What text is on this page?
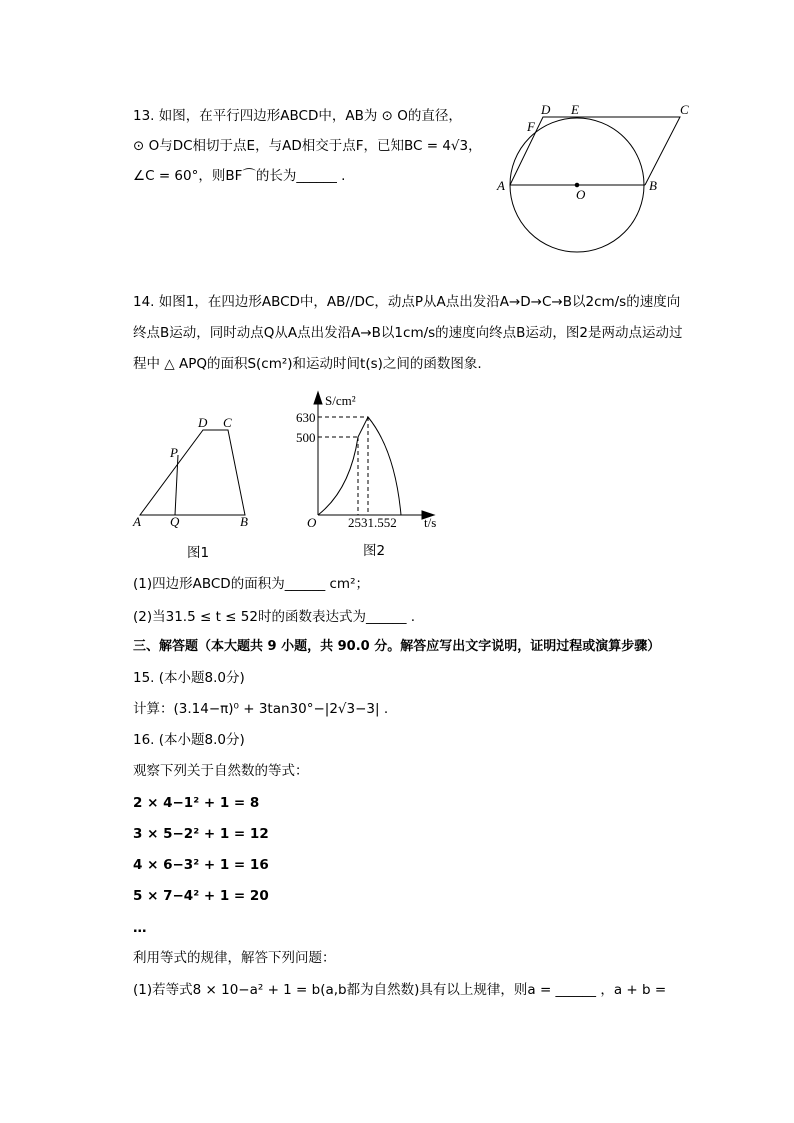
13. 如图，在平行四边形ABCD中，AB为 ⊙ O的直径，
⊙ O与DC相切于点E，与AD相交于点F，已知BC = 4√3，
∠C = 60°，则BF⌒的长为______ .
A	B
C
D E
F
O
A	B
C
D
P
Q
S/cm²
630
500
O 2531.552 t/s
14. 如图1，在四边形ABCD中，AB//DC，动点P从A点出发沿A→D→C→B以2cm/s的速度向
终点B运动，同时动点Q从A点出发沿A→B以1cm/s的速度向终点B运动，图2是两动点运动过
程中 △ APQ的面积S(cm²)和运动时间t(s)之间的函数图象.
图1	图2
(1)四边形ABCD的面积为______ cm²；
(2)当31.5 ≤ t ≤ 52时的函数表达式为______ .
三、解答题（本大题共 9 小题，共 90.0 分。解答应写出文字说明，证明过程或演算步骤）
15. (本小题8.0分)
计算：(3.14−π)⁰ + 3tan30°−|2√3−3| .
16. (本小题8.0分)
观察下列关于自然数的等式：
2 × 4−1² + 1 = 8
3 × 5−2² + 1 = 12
4 × 6−3² + 1 = 16
5 × 7−4² + 1 = 20
…
利用等式的规律，解答下列问题：
(1)若等式8 × 10−a² + 1 = b(a,b都为自然数)具有以上规律，则a = ______ ，a + b =
